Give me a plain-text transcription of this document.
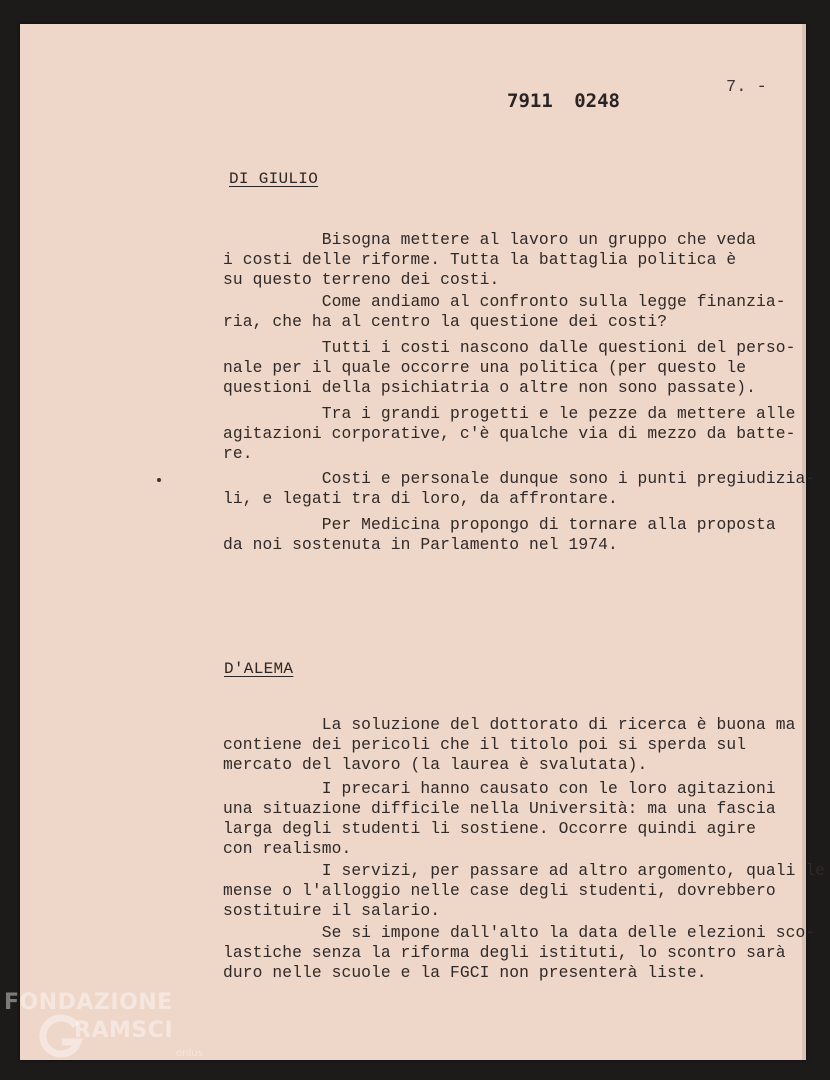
7911 0248
7. -
DI GIULIO
Bisogna mettere al lavoro un gruppo che veda
i costi delle riforme. Tutta la battaglia politica è
su questo terreno dei costi.
Come andiamo al confronto sulla legge finanzia-
ria, che ha al centro la questione dei costi?
Tutti i costi nascono dalle questioni del perso-
nale per il quale occorre una politica (per questo le
questioni della psichiatria o altre non sono passate).
Tra i grandi progetti e le pezze da mettere alle
agitazioni corporative, c'è qualche via di mezzo da batte-
re.
Costi e personale dunque sono i punti pregiudizia-
li, e legati tra di loro, da affrontare.
Per Medicina propongo di tornare alla proposta
da noi sostenuta in Parlamento nel 1974.
D'ALEMA
La soluzione del dottorato di ricerca è buona ma
contiene dei pericoli che il titolo poi si sperda sul
mercato del lavoro (la laurea è svalutata).
I precari hanno causato con le loro agitazioni
una situazione difficile nella Università: ma una fascia
larga degli studenti li sostiene. Occorre quindi agire
con realismo.
I servizi, per passare ad altro argomento, quali le
mense o l'alloggio nelle case degli studenti, dovrebbero
sostituire il salario.
Se si impone dall'alto la data delle elezioni sco-
lastiche senza la riforma degli istituti, lo scontro sarà
duro nelle scuole e la FGCI non presenterà liste.
FONDAZIONE
RAMSCI
onlus
